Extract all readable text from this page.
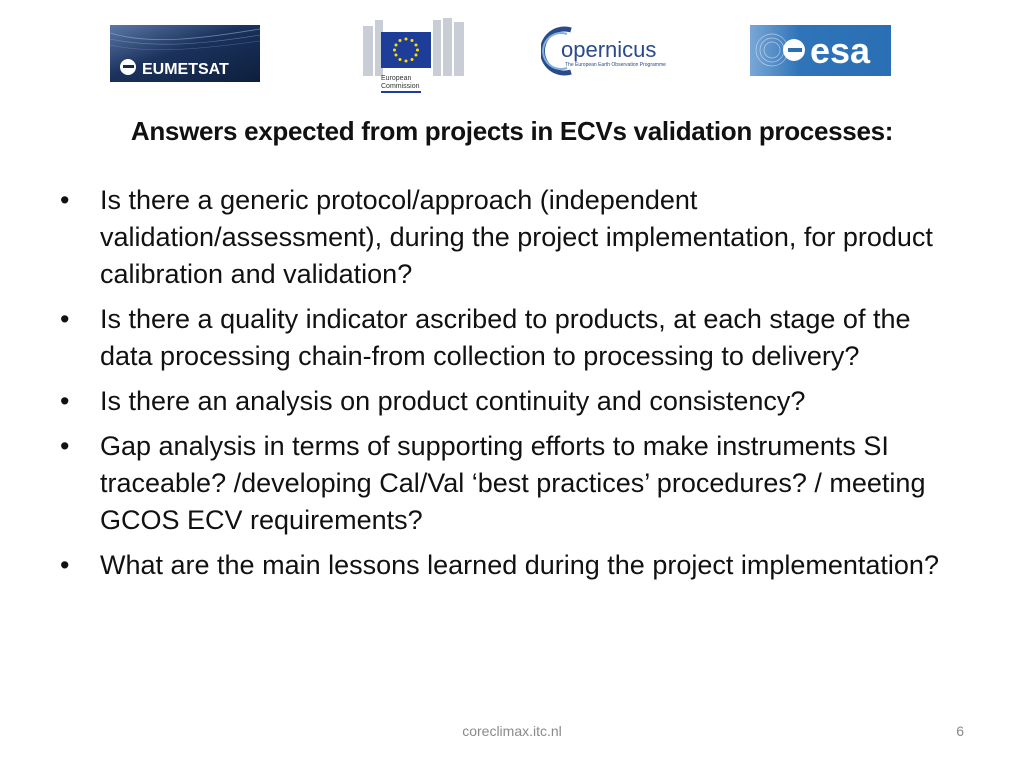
EUMETSAT
European
Commission
opernicus
The European Earth Observation Programme	esa
Answers expected from projects in ECVs validation processes:
• Is there a generic protocol/approach (independent validation/assessment), during the project implementation, for product calibration and validation?
• Is there a quality indicator ascribed to products, at each stage of the data processing chain-from collection to processing to delivery?
• Is there an analysis on product continuity and consistency?
• Gap analysis in terms of supporting efforts to make instruments SI traceable? /developing Cal/Val ‘best practices’ procedures? / meeting GCOS ECV requirements?
• What are the main lessons learned during the project implementation?
coreclimax.itc.nl	6
